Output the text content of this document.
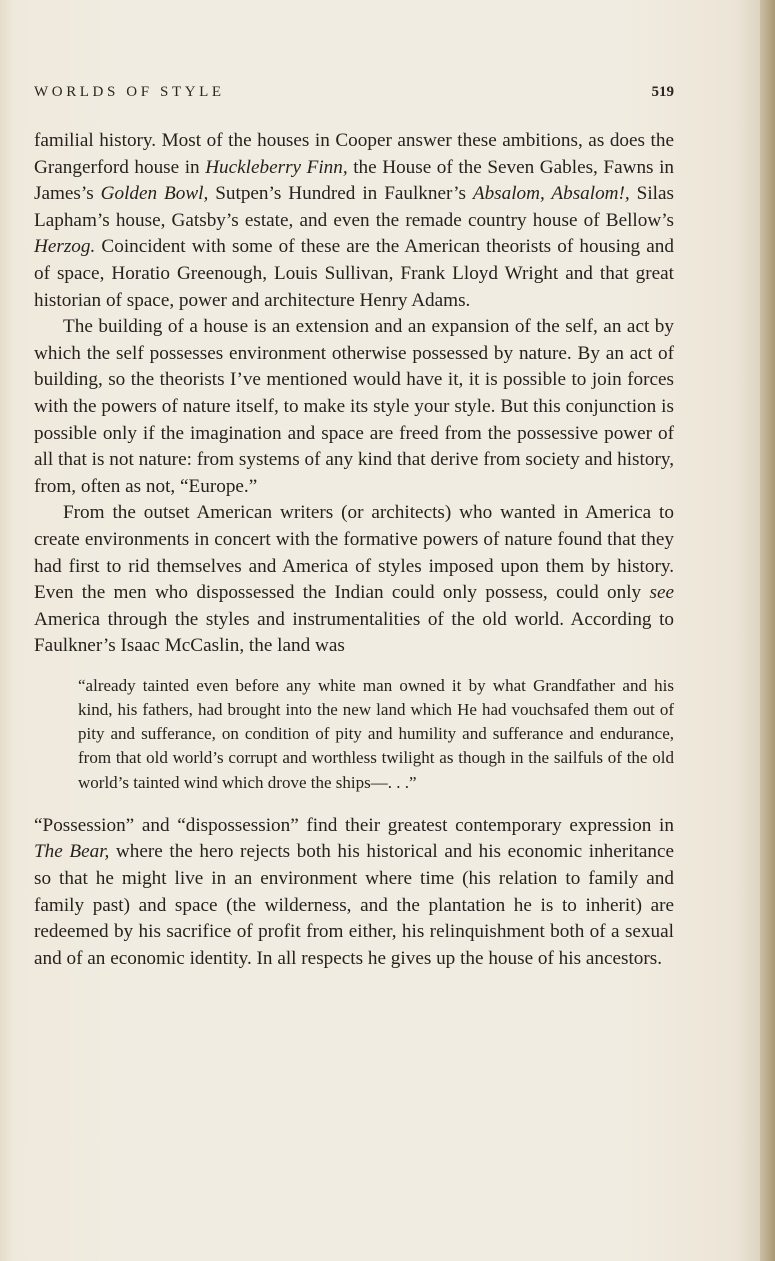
WORLDS OF STYLE	519

familial history. Most of the houses in Cooper answer these ambitions, as does the Grangerford house in Huckleberry Finn, the House of the Seven Gables, Fawns in James’s Golden Bowl, Sutpen’s Hundred in Faulkner’s Absalom, Absalom!, Silas Lapham’s house, Gatsby’s estate, and even the remade country house of Bellow’s Herzog. Coincident with some of these are the American theorists of housing and of space, Horatio Greenough, Louis Sullivan, Frank Lloyd Wright and that great historian of space, power and architecture Henry Adams.

The building of a house is an extension and an expansion of the self, an act by which the self possesses environment otherwise possessed by nature. By an act of building, so the theorists I’ve mentioned would have it, it is possible to join forces with the powers of nature itself, to make its style your style. But this conjunction is possible only if the imagination and space are freed from the possessive power of all that is not nature: from systems of any kind that derive from society and history, from, often as not, “Europe.”

From the outset American writers (or architects) who wanted in America to create environments in concert with the formative powers of nature found that they had first to rid themselves and America of styles imposed upon them by history. Even the men who dispossessed the Indian could only possess, could only see America through the styles and instrumentalities of the old world. According to Faulkner’s Isaac McCaslin, the land was

“already tainted even before any white man owned it by what Grandfather and his kind, his fathers, had brought into the new land which He had vouchsafed them out of pity and sufferance, on condition of pity and humility and sufferance and endurance, from that old world’s corrupt and worthless twilight as though in the sailfuls of the old world’s tainted wind which drove the ships—. . .”

“Possession” and “dispossession” find their greatest contemporary expression in The Bear, where the hero rejects both his historical and his economic inheritance so that he might live in an environment where time (his relation to family and family past) and space (the wilderness, and the plantation he is to inherit) are redeemed by his sacrifice of profit from either, his relinquishment both of a sexual and of an economic identity. In all respects he gives up the house of his ancestors.
